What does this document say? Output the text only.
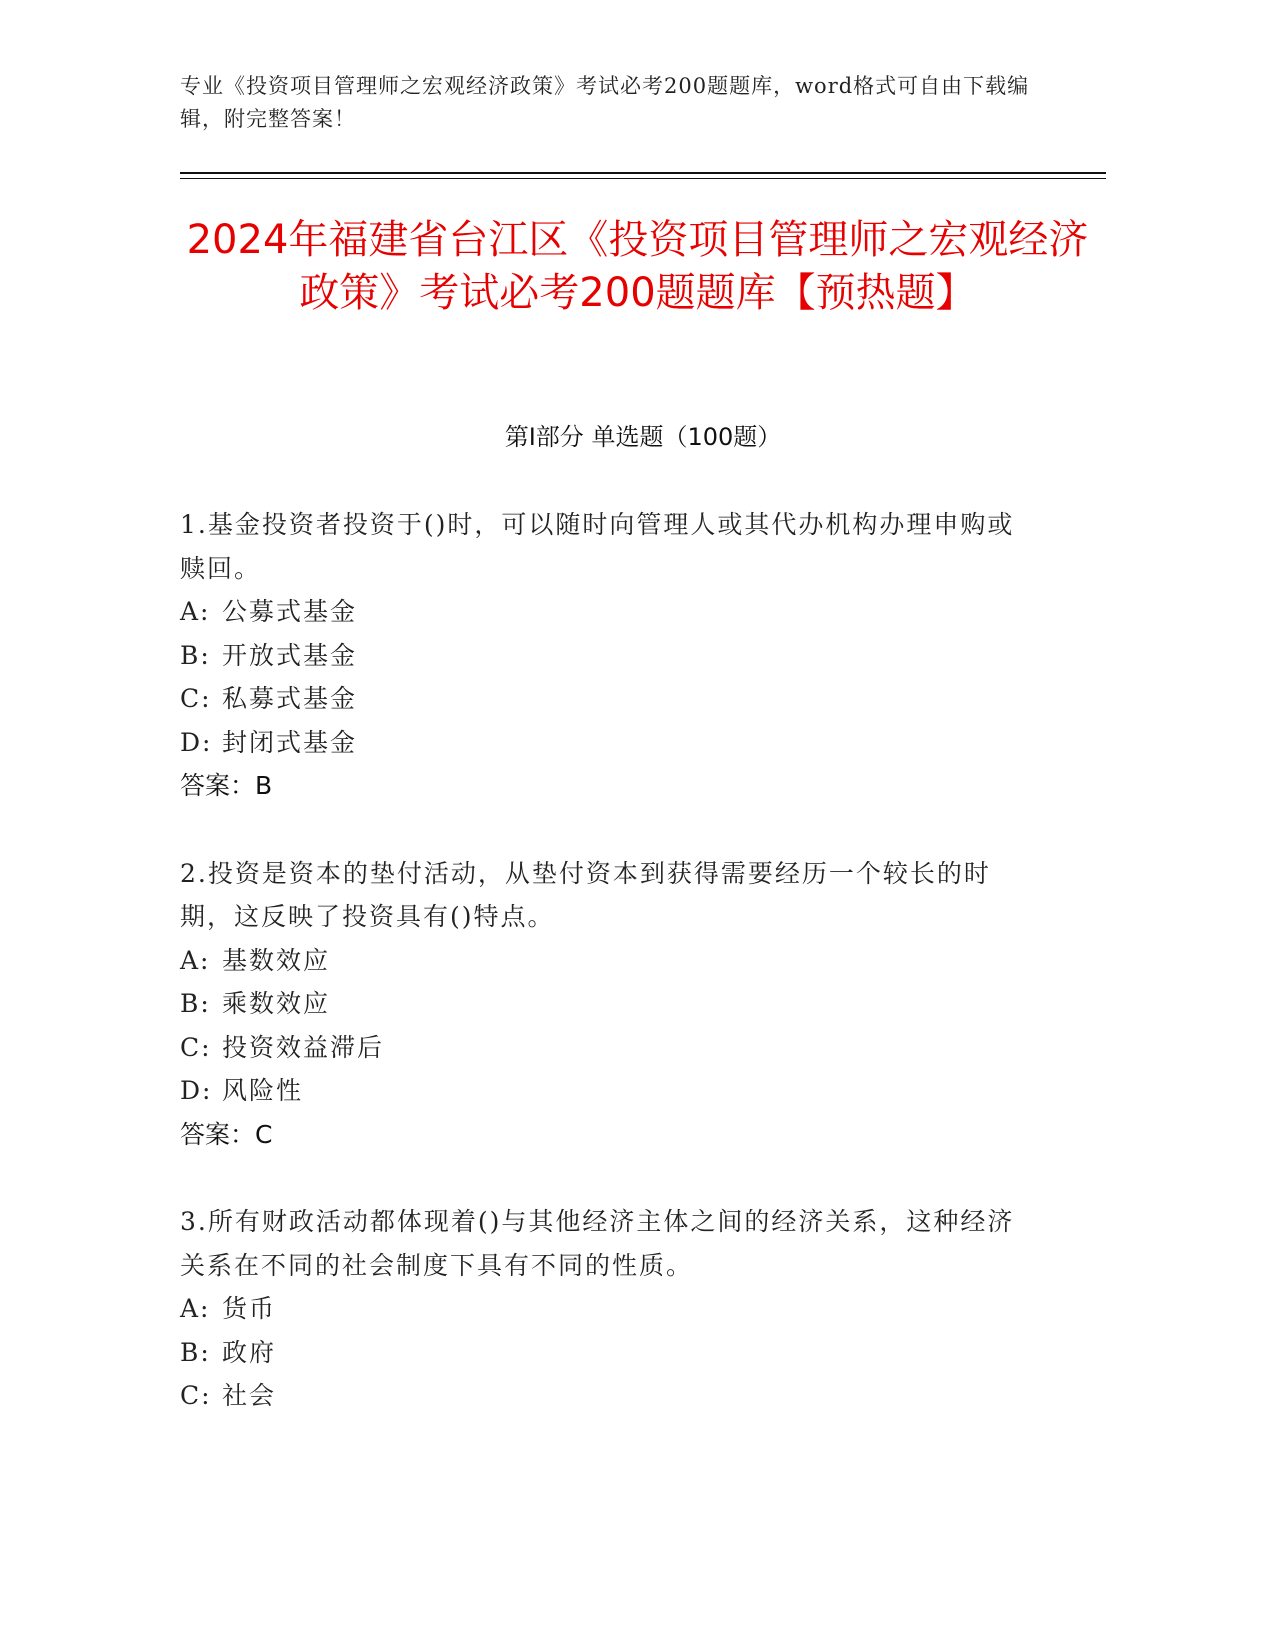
专业《投资项目管理师之宏观经济政策》考试必考200题题库，word格式可自由下载编辑，附完整答案！
2024年福建省台江区《投资项目管理师之宏观经济政策》考试必考200题题库【预热题】
第Ⅰ部分 单选题（100题）
1.基金投资者投资于()时，可以随时向管理人或其代办机构办理申购或赎回。
A: 公募式基金
B: 开放式基金
C: 私募式基金
D: 封闭式基金
答案：B
2.投资是资本的垫付活动，从垫付资本到获得需要经历一个较长的时期，这反映了投资具有()特点。
A: 基数效应
B: 乘数效应
C: 投资效益滞后
D: 风险性
答案：C
3.所有财政活动都体现着()与其他经济主体之间的经济关系，这种经济关系在不同的社会制度下具有不同的性质。
A: 货币
B: 政府
C: 社会
